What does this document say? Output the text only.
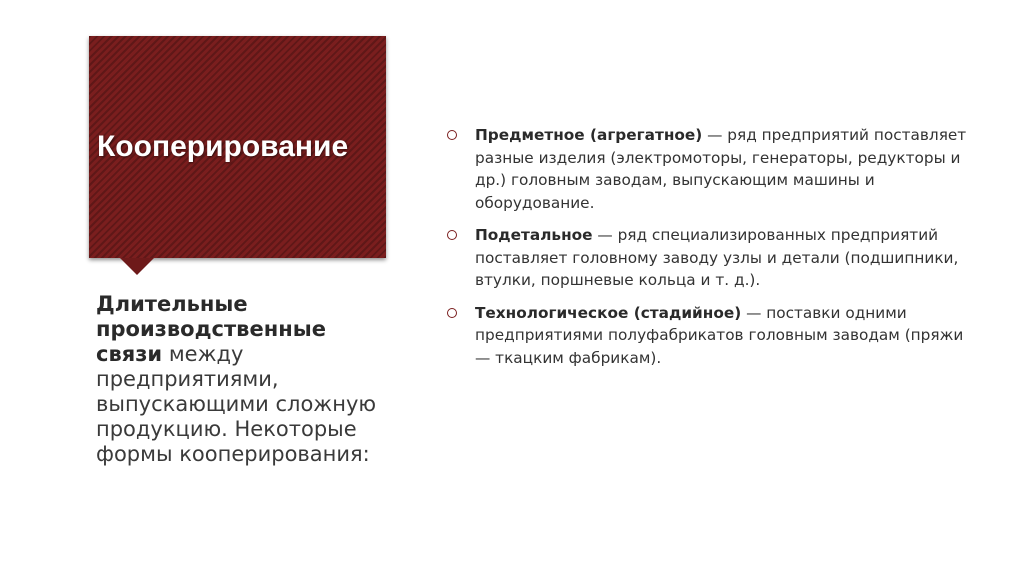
Кооперирование
Длительные производственные связи между предприятиями, выпускающими сложную продукцию. Некоторые формы кооперирования:
Предметное (агрегатное) — ряд предприятий поставляет разные изделия (электромоторы, генераторы, редукторы и др.) головным заводам, выпускающим машины и оборудование.
Подетальное — ряд специализированных предприятий поставляет головному заводу узлы и детали (подшипники, втулки, поршневые кольца и т. д.).
Технологическое (стадийное) — поставки одними предприятиями полуфабрикатов головным заводам (пряжи — ткацким фабрикам).
